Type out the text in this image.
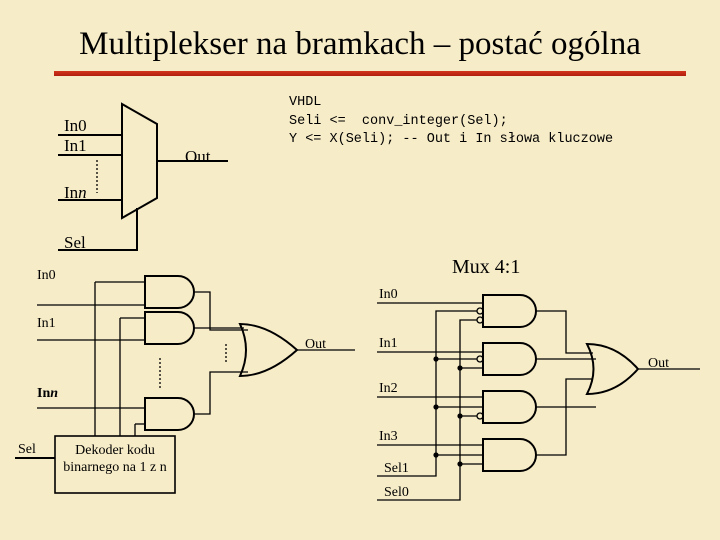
Multiplekser na bramkach – postać ogólna
VHDL
Seli <=  conv_integer(Sel);
Y <= X(Seli); -- Out i In słowa kluczowe
In0
In1
Inn
Out
Sel
In0
In1
Inn
Sel
Out
Dekoder kodu
binarnego na 1 z n
Mux 4:1
In0
In1
In2
In3
Sel1
Sel0
Out
